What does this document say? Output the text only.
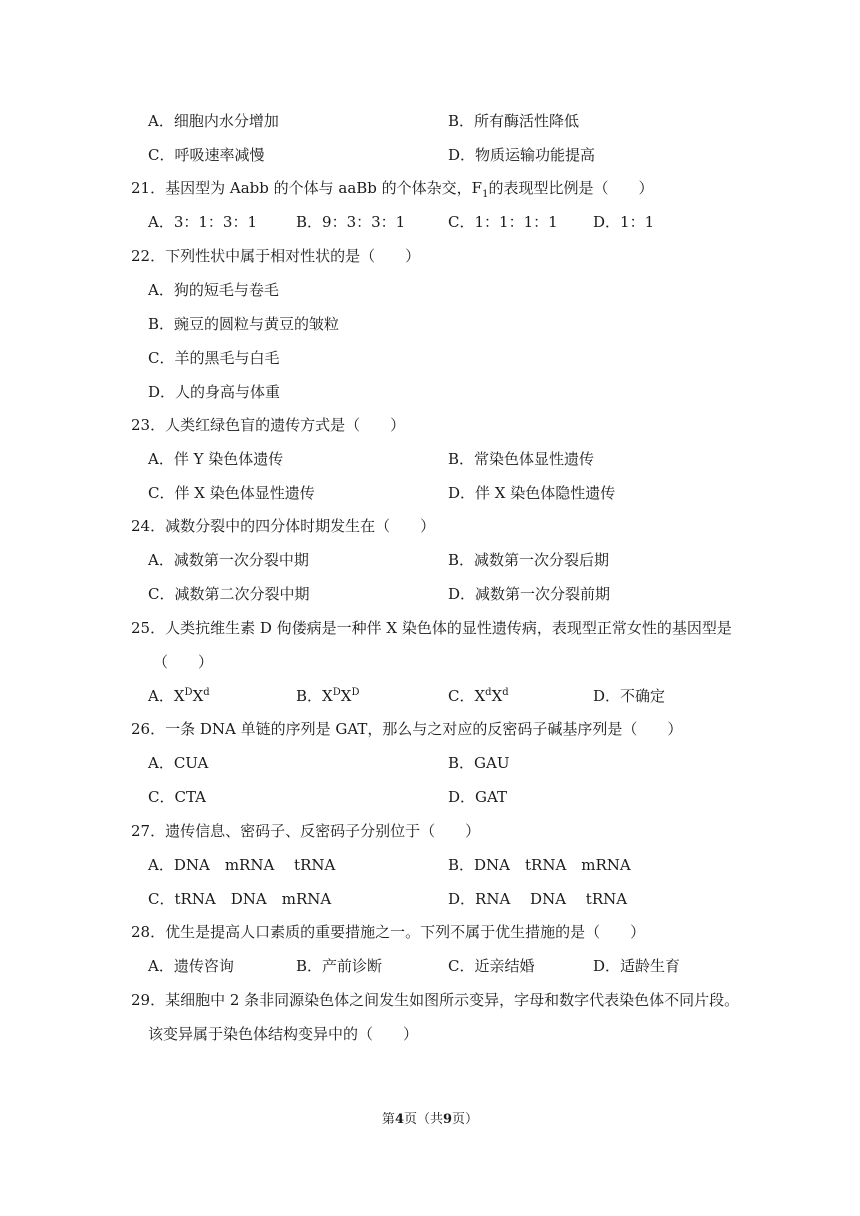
A．细胞内水分增加	B．所有酶活性降低
C．呼吸速率减慢	D．物质运输功能提高
21．基因型为 Aabb 的个体与 aaBb 的个体杂交，$F_1$的表现型比例是（　　）
A．3：1：3：1	B．9：3：3：1	C．1：1：1：1 D．1：1
22．下列性状中属于相对性状的是（　　）
A．狗的短毛与卷毛
B．豌豆的圆粒与黄豆的皱粒
C．羊的黑毛与白毛
D．人的身高与体重
23．人类红绿色盲的遗传方式是（　　）
A．伴 Y 染色体遗传	B．常染色体显性遗传
C．伴 X 染色体显性遗传	D．伴 X 染色体隐性遗传
24．减数分裂中的四分体时期发生在（　　）
A．减数第一次分裂中期	B．减数第一次分裂后期
C．减数第二次分裂中期	D．减数第一次分裂前期
25．人类抗维生素 D 佝偻病是一种伴 X 染色体的显性遗传病，表现型正常女性的基因型是
（　　）
A．$X^DX^d$	B．$X^DX^D$	C．$X^dX^d$	D．不确定
26．一条 DNA 单链的序列是 GAT，那么与之对应的反密码子碱基序列是（　　）
A．CUA	B．GAU
C．CTA	D．GAT
27．遗传信息、密码子、反密码子分别位于（　　）
A．DNA　mRNA　 tRNA	B．DNA　tRNA　mRNA
C．tRNA　DNA　mRNA	D．RNA　 DNA　 tRNA
28．优生是提高人口素质的重要措施之一。下列不属于优生措施的是（　　）
A．遗传咨询	B．产前诊断	C．近亲结婚	D．适龄生育
29．某细胞中 2 条非同源染色体之间发生如图所示变异，字母和数字代表染色体不同片段。
该变异属于染色体结构变异中的（　　）
第4页（共9页）
